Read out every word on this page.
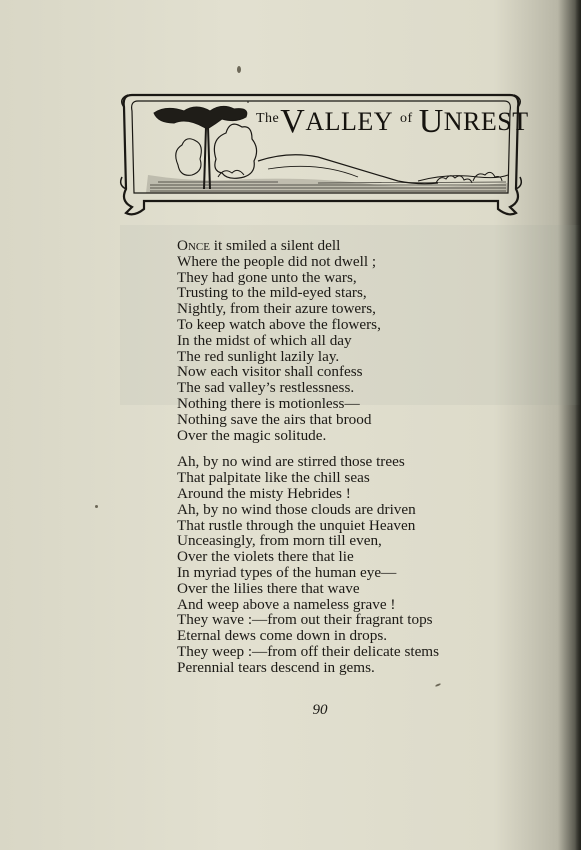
The V ALLEY of U NREST
Once it smiled a silent dell
Where the people did not dwell ;
They had gone unto the wars,
Trusting to the mild-eyed stars,
Nightly, from their azure towers,
To keep watch above the flowers,
In the midst of which all day
The red sunlight lazily lay.
Now each visitor shall confess
The sad valley’s restlessness.
Nothing there is motionless—
Nothing save the airs that brood
Over the magic solitude.
Ah, by no wind are stirred those trees
That palpitate like the chill seas
Around the misty Hebrides !
Ah, by no wind those clouds are driven
That rustle through the unquiet Heaven
Unceasingly, from morn till even,
Over the violets there that lie
In myriad types of the human eye—
Over the lilies there that wave
And weep above a nameless grave !
They wave :—from out their fragrant tops
Eternal dews come down in drops.
They weep :—from off their delicate stems
Perennial tears descend in gems.
90
